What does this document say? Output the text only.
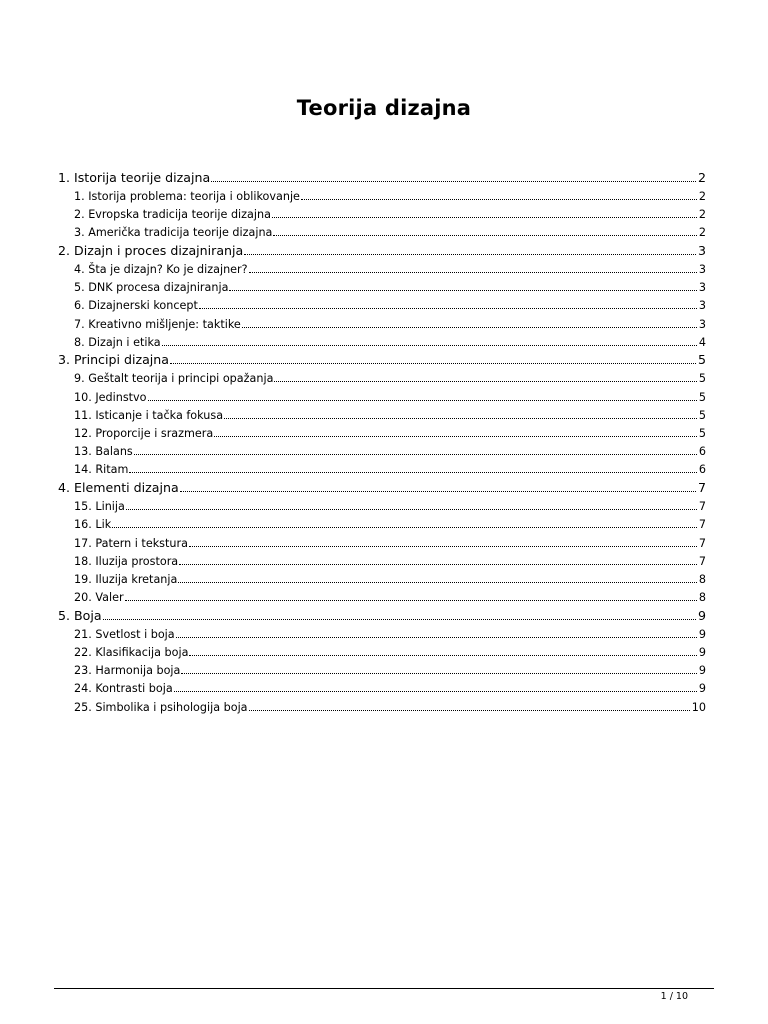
Teorija dizajna
1. Istorija teorije dizajna	2
1. Istorija problema: teorija i oblikovanje	2
2. Evropska tradicija teorije dizajna	2
3. Američka tradicija teorije dizajna	2
2. Dizajn i proces dizajniranja	3
4. Šta je dizajn? Ko je dizajner?	3
5. DNK procesa dizajniranja	3
6. Dizajnerski koncept	3
7. Kreativno mišljenje: taktike	3
8. Dizajn i etika	4
3. Principi dizajna	5
9. Geštalt teorija i principi opažanja	5
10. Jedinstvo	5
11. Isticanje i tačka fokusa	5
12. Proporcije i srazmera	5
13. Balans	6
14. Ritam	6
4. Elementi dizajna	7
15. Linija	7
16. Lik	7
17. Patern i tekstura	7
18. Iluzija prostora	7
19. Iluzija kretanja	8
20. Valer	8
5. Boja	9
21. Svetlost i boja	9
22. Klasifikacija boja	9
23. Harmonija boja	9
24. Kontrasti boja	9
25. Simbolika i psihologija boja	10
1 / 10
